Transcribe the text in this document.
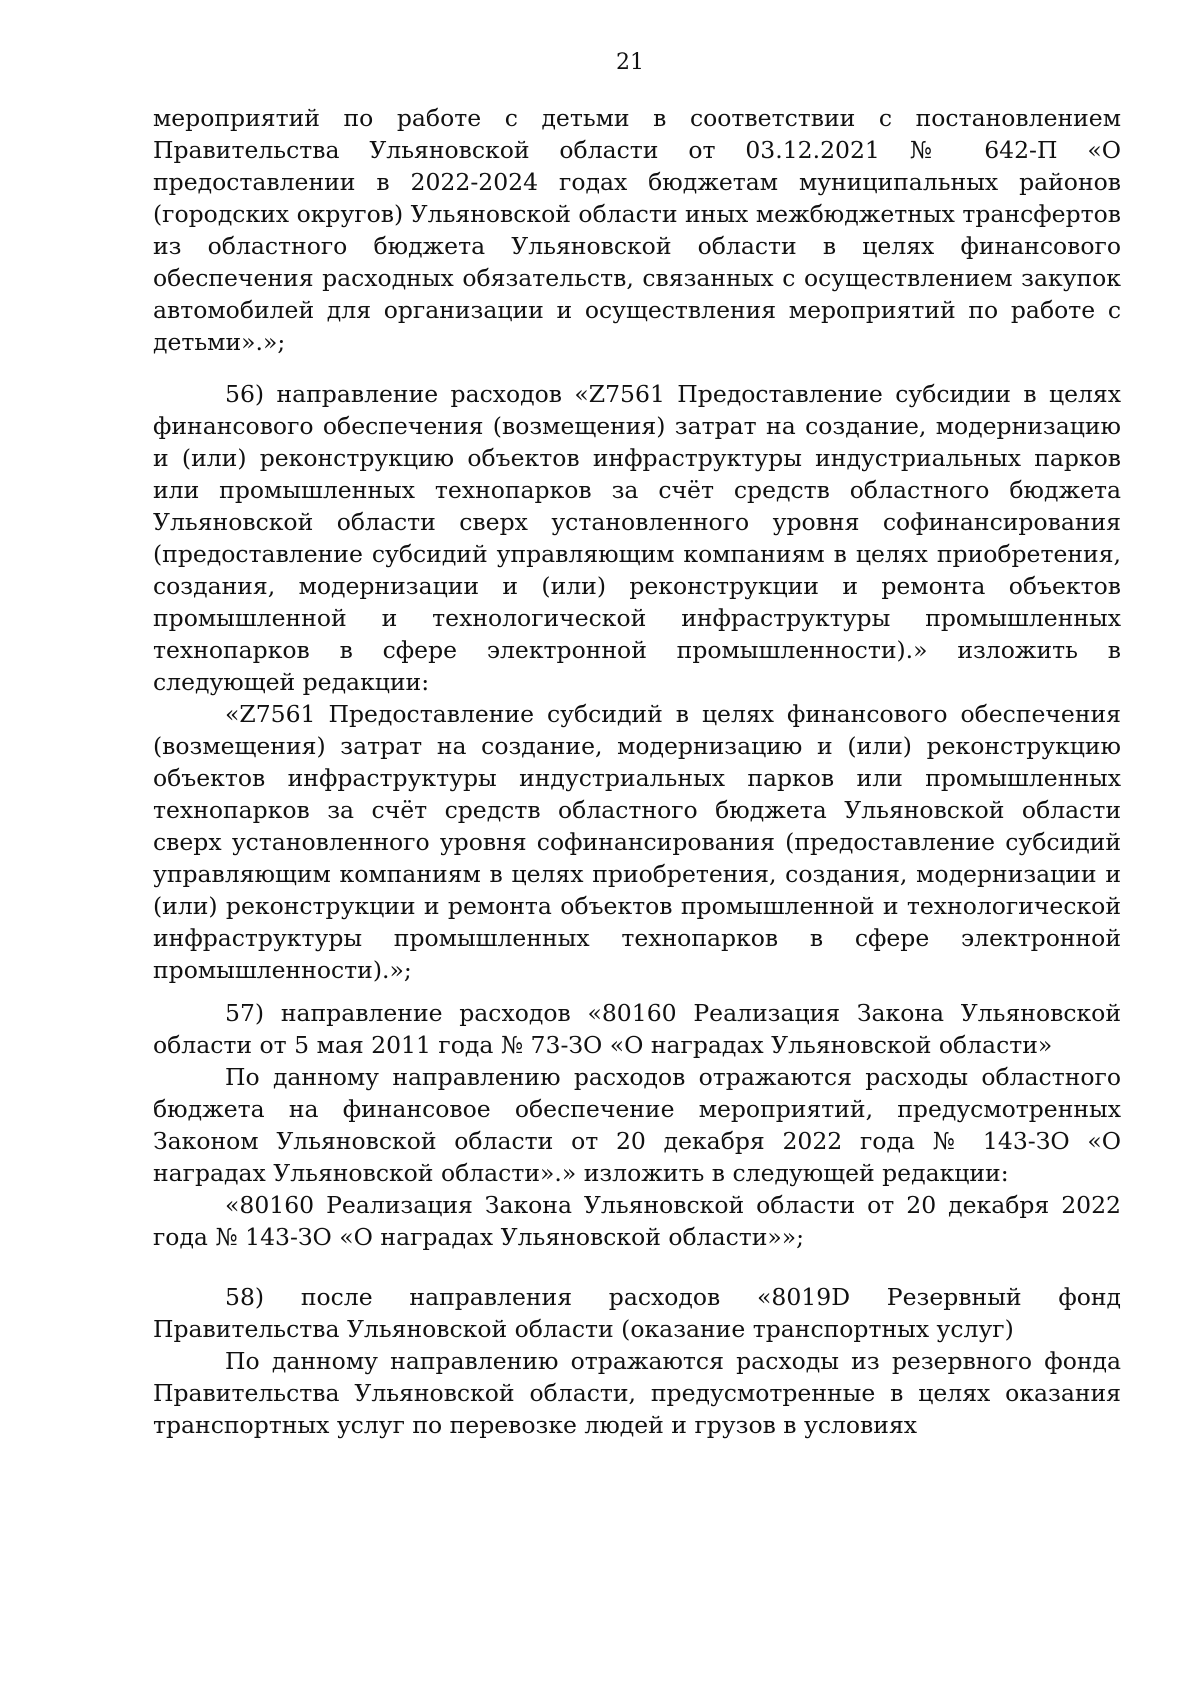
21

мероприятий по работе с детьми в соответствии с постановлением Правительства Ульяновской области от 03.12.2021 № 642-П «О предоставлении в 2022-2024 годах бюджетам муниципальных районов (городских округов) Ульяновской области иных межбюджетных трансфертов из областного бюджета Ульяновской области в целях финансового обеспечения расходных обязательств, связанных с осуществлением закупок автомобилей для организации и осуществления мероприятий по работе с детьми».»;

56) направление расходов «Z7561 Предоставление субсидии в целях финансового обеспечения (возмещения) затрат на создание, модернизацию и (или) реконструкцию объектов инфраструктуры индустриальных парков или промышленных технопарков за счёт средств областного бюджета Ульяновской области сверх установленного уровня софинансирования (предоставление субсидий управляющим компаниям в целях приобретения, создания, модернизации и (или) реконструкции и ремонта объектов промышленной и технологической инфраструктуры промышленных технопарков в сфере электронной промышленности).» изложить в следующей редакции:

«Z7561 Предоставление субсидий в целях финансового обеспечения (возмещения) затрат на создание, модернизацию и (или) реконструкцию объектов инфраструктуры индустриальных парков или промышленных технопарков за счёт средств областного бюджета Ульяновской области сверх установленного уровня софинансирования (предоставление субсидий управляющим компаниям в целях приобретения, создания, модернизации и (или) реконструкции и ремонта объектов промышленной и технологической инфраструктуры промышленных технопарков в сфере электронной промышленности).»;

57) направление расходов «80160 Реализация Закона Ульяновской области от 5 мая 2011 года № 73-ЗО «О наградах Ульяновской области»

По данному направлению расходов отражаются расходы областного бюджета на финансовое обеспечение мероприятий, предусмотренных Законом Ульяновской области от 20 декабря 2022 года № 143-ЗО «О наградах Ульяновской области».» изложить в следующей редакции:

«80160 Реализация Закона Ульяновской области от 20 декабря 2022 года № 143-ЗО «О наградах Ульяновской области»»;

58) после направления расходов «8019D Резервный фонд Правительства Ульяновской области (оказание транспортных услуг)

По данному направлению отражаются расходы из резервного фонда Правительства Ульяновской области, предусмотренные в целях оказания транспортных услуг по перевозке людей и грузов в условиях
